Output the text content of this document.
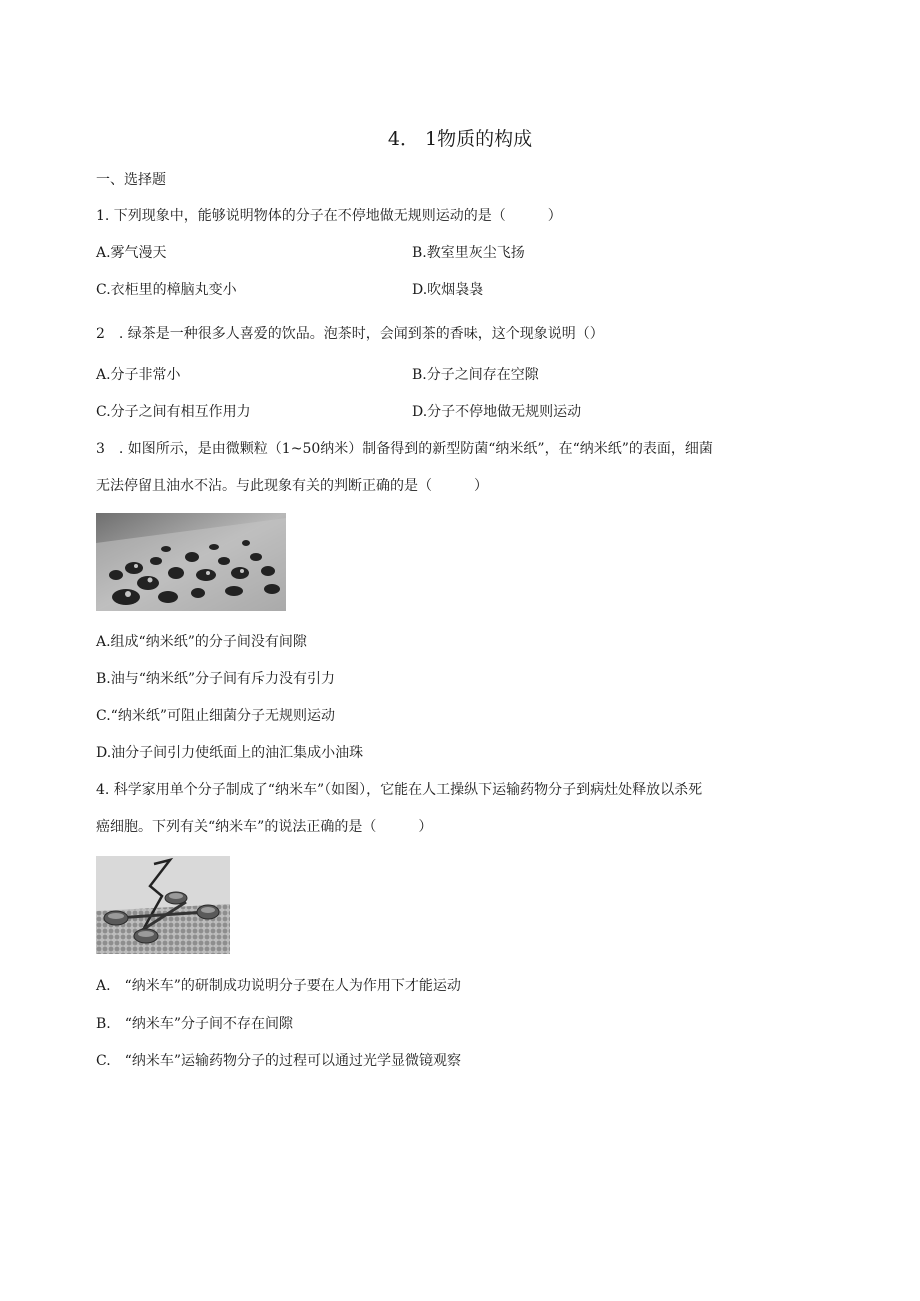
4． 1物质的构成
一、选择题
1. 下列现象中，能够说明物体的分子在不停地做无规则运动的是（　　　）
A.雾气漫天	B.教室里灰尘飞扬
C.衣柜里的樟脑丸变小	D.吹烟袅袅
2　. 绿茶是一种很多人喜爱的饮品。泡茶时，会闻到茶的香味，这个现象说明（）
A.分子非常小	B.分子之间存在空隙
C.分子之间有相互作用力	D.分子不停地做无规则运动
3　. 如图所示，是由微颗粒（1~50纳米）制备得到的新型防菌“纳米纸”，在“纳米纸”的表面，细菌
无法停留且油水不沾。与此现象有关的判断正确的是（　　　）
A.组成“纳米纸”的分子间没有间隙
B.油与“纳米纸”分子间有斥力没有引力
C.“纳米纸”可阻止细菌分子无规则运动
D.油分子间引力使纸面上的油汇集成小油珠
4. 科学家用单个分子制成了“纳米车”（如图），它能在人工操纵下运输药物分子到病灶处释放以杀死
癌细胞。下列有关“纳米车”的说法正确的是（　　　）
A.　“纳米车”的研制成功说明分子要在人为作用下才能运动
B.　“纳米车”分子间不存在间隙
C.　“纳米车”运输药物分子的过程可以通过光学显微镜观察
